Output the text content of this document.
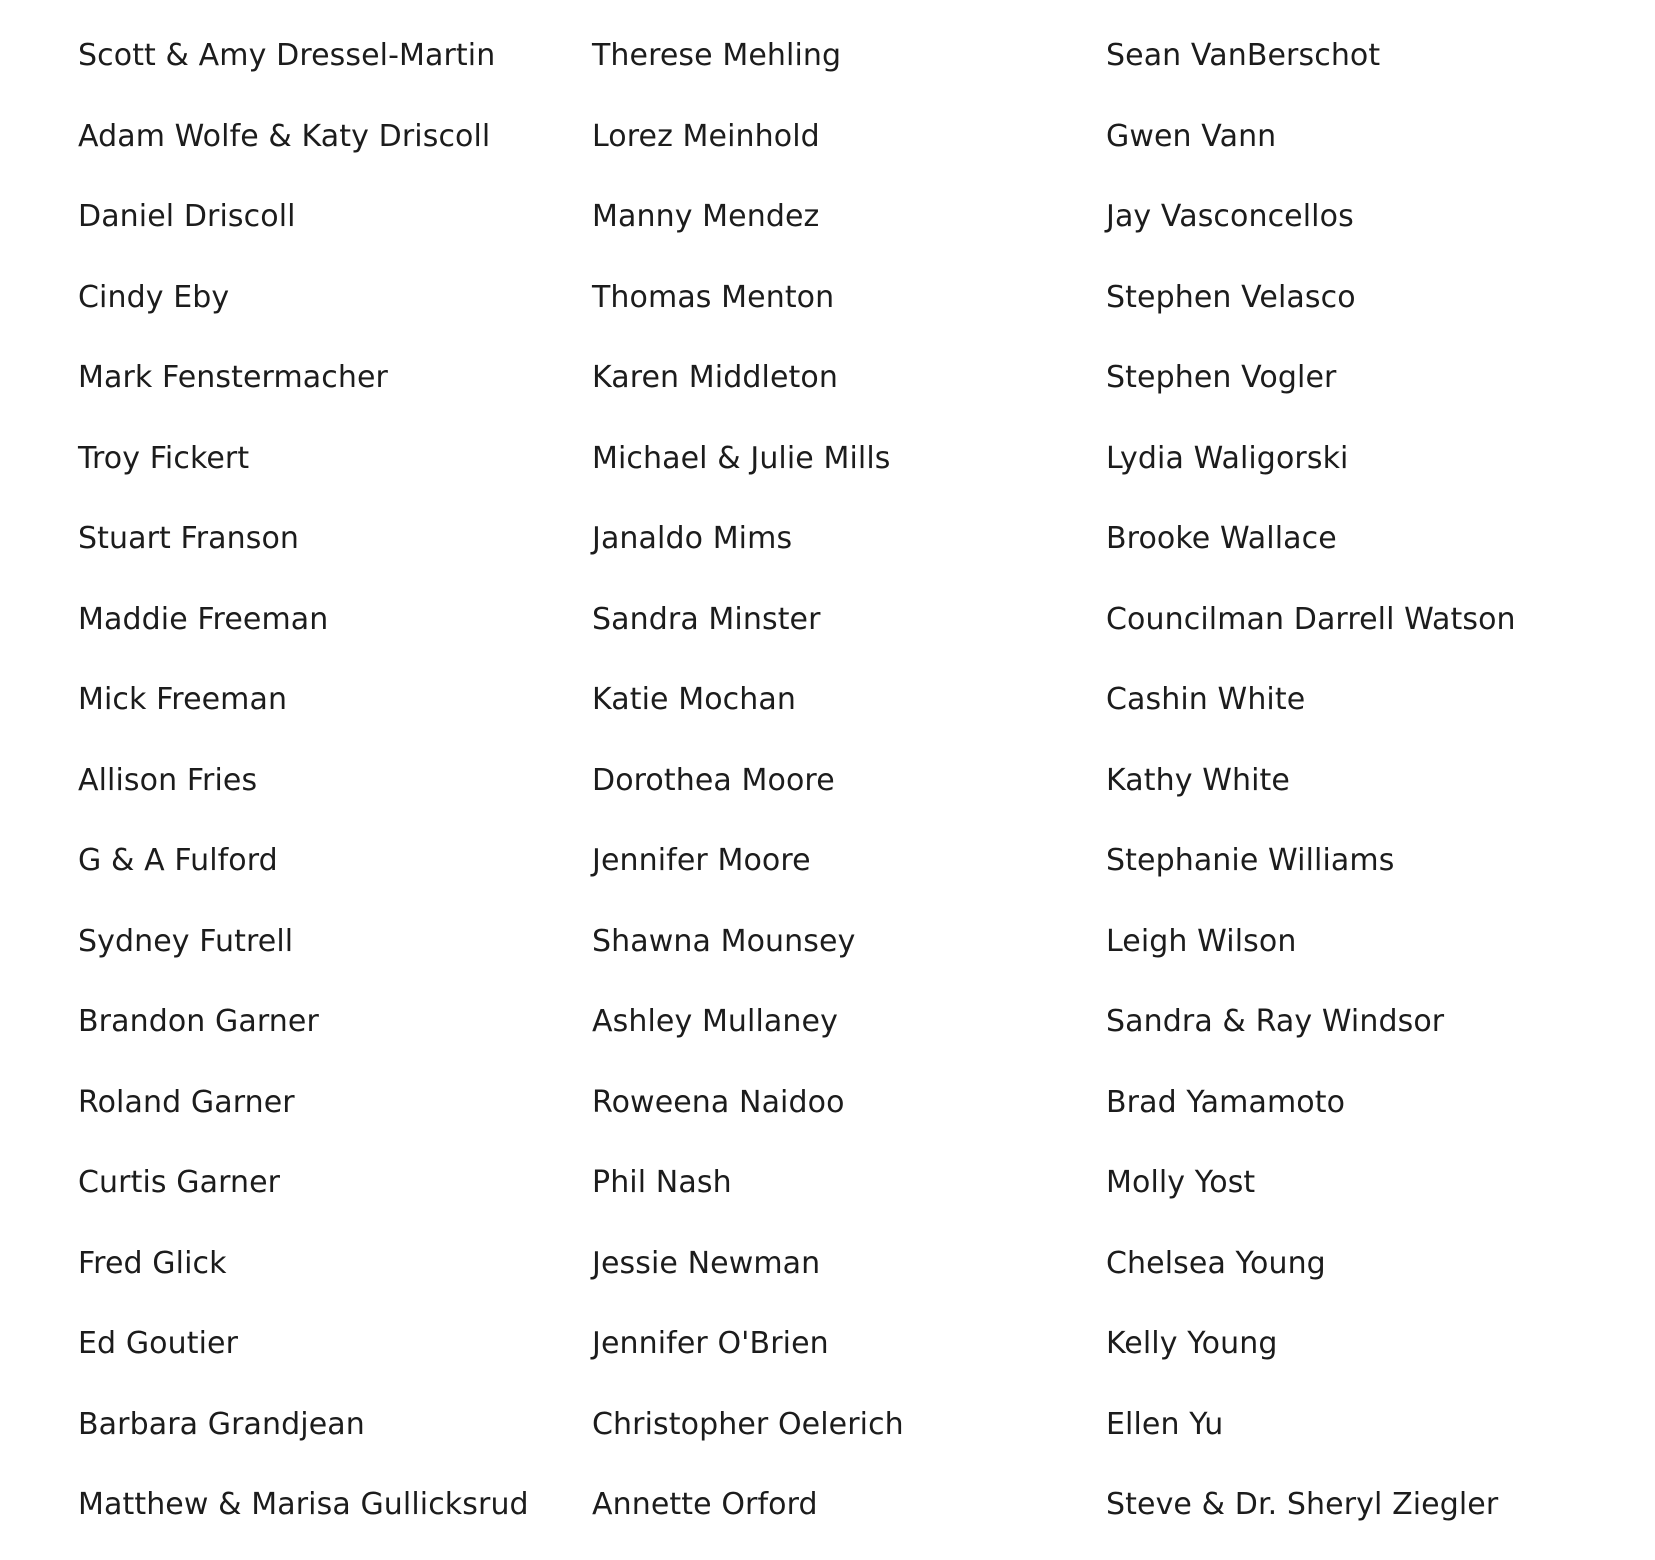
Scott & Amy Dressel-Martin
Adam Wolfe & Katy Driscoll
Daniel Driscoll
Cindy Eby
Mark Fenstermacher
Troy Fickert
Stuart Franson
Maddie Freeman
Mick Freeman
Allison Fries
G & A Fulford
Sydney Futrell
Brandon Garner
Roland Garner
Curtis Garner
Fred Glick
Ed Goutier
Barbara Grandjean
Matthew & Marisa Gullicksrud
Therese Mehling
Lorez Meinhold
Manny Mendez
Thomas Menton
Karen Middleton
Michael & Julie Mills
Janaldo Mims
Sandra Minster
Katie Mochan
Dorothea Moore
Jennifer Moore
Shawna Mounsey
Ashley Mullaney
Roweena Naidoo
Phil Nash
Jessie Newman
Jennifer O'Brien
Christopher Oelerich
Annette Orford
Sean VanBerschot
Gwen Vann
Jay Vasconcellos
Stephen Velasco
Stephen Vogler
Lydia Waligorski
Brooke Wallace
Councilman Darrell Watson
Cashin White
Kathy White
Stephanie Williams
Leigh Wilson
Sandra & Ray Windsor
Brad Yamamoto
Molly Yost
Chelsea Young
Kelly Young
Ellen Yu
Steve & Dr. Sheryl Ziegler
